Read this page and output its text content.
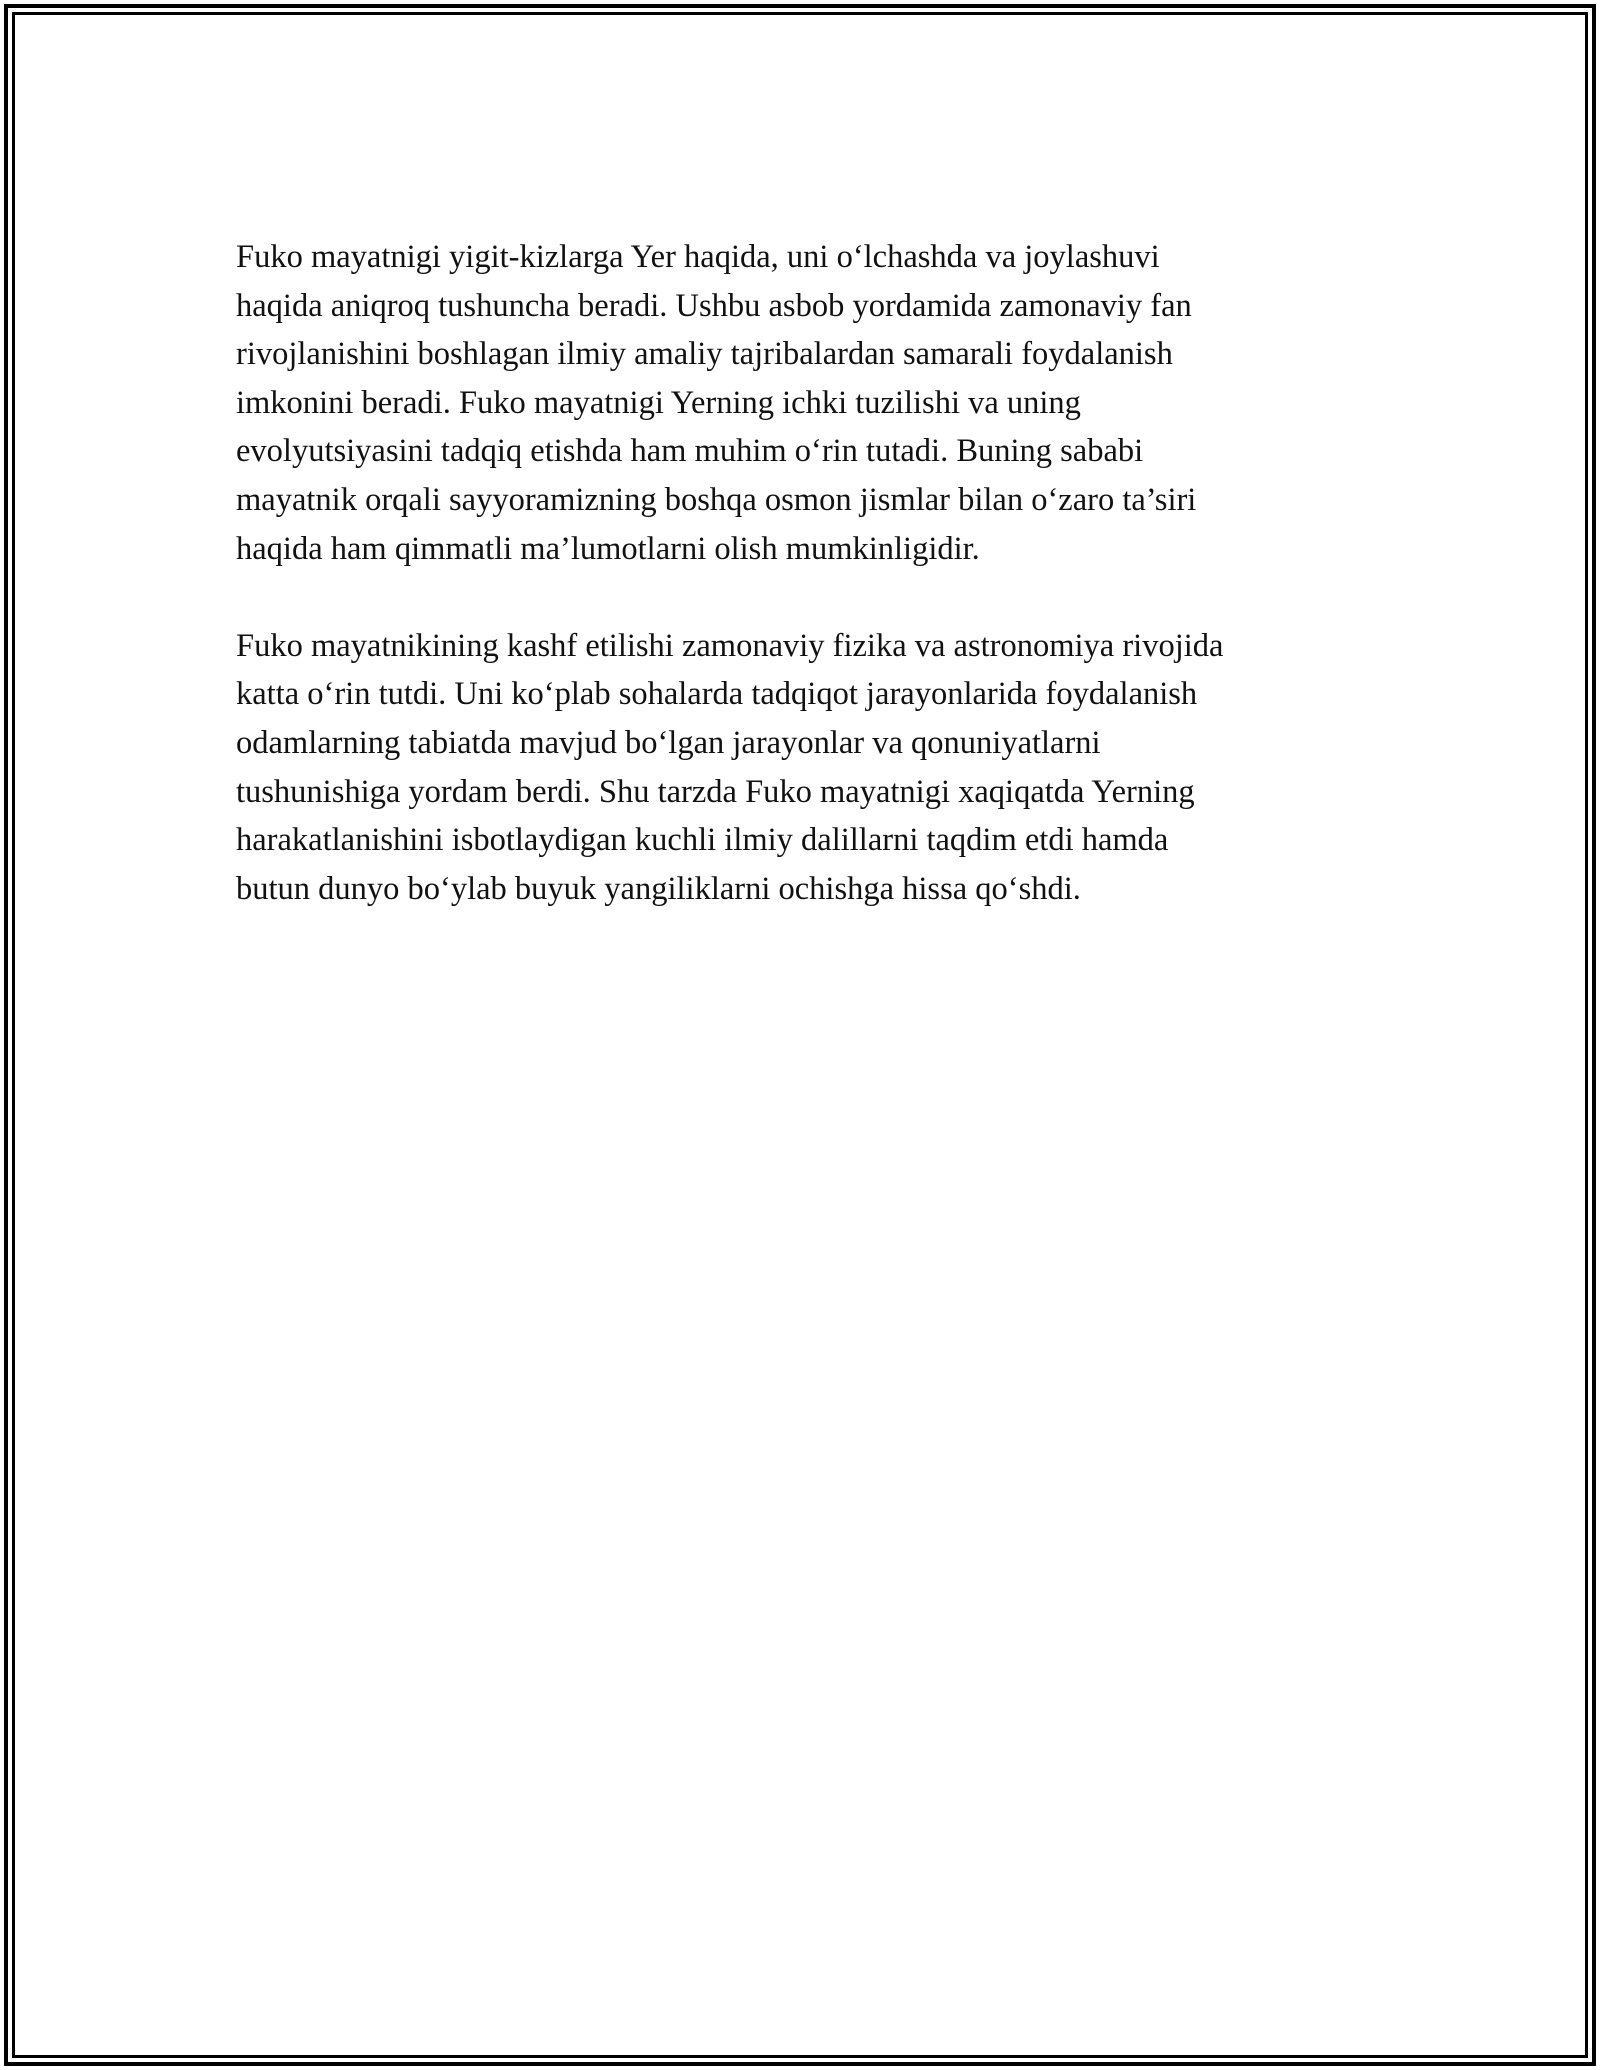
Fuko mayatnigi yigit-kizlarga Yer haqida, uni o‘lchashda va joylashuvi
haqida aniqroq tushuncha beradi. Ushbu asbob yordamida zamonaviy fan
rivojlanishini boshlagan ilmiy amaliy tajribalardan samarali foydalanish
imkonini beradi. Fuko mayatnigi Yerning ichki tuzilishi va uning
evolyutsiyasini tadqiq etishda ham muhim o‘rin tutadi. Buning sababi
mayatnik orqali sayyoramizning boshqa osmon jismlar bilan o‘zaro ta’siri
haqida ham qimmatli ma’lumotlarni olish mumkinligidir.

Fuko mayatnikining kashf etilishi zamonaviy fizika va astronomiya rivojida
katta o‘rin tutdi. Uni ko‘plab sohalarda tadqiqot jarayonlarida foydalanish
odamlarning tabiatda mavjud bo‘lgan jarayonlar va qonuniyatlarni
tushunishiga yordam berdi. Shu tarzda Fuko mayatnigi xaqiqatda Yerning
harakatlanishini isbotlaydigan kuchli ilmiy dalillarni taqdim etdi hamda
butun dunyo bo‘ylab buyuk yangiliklarni ochishga hissa qo‘shdi.
